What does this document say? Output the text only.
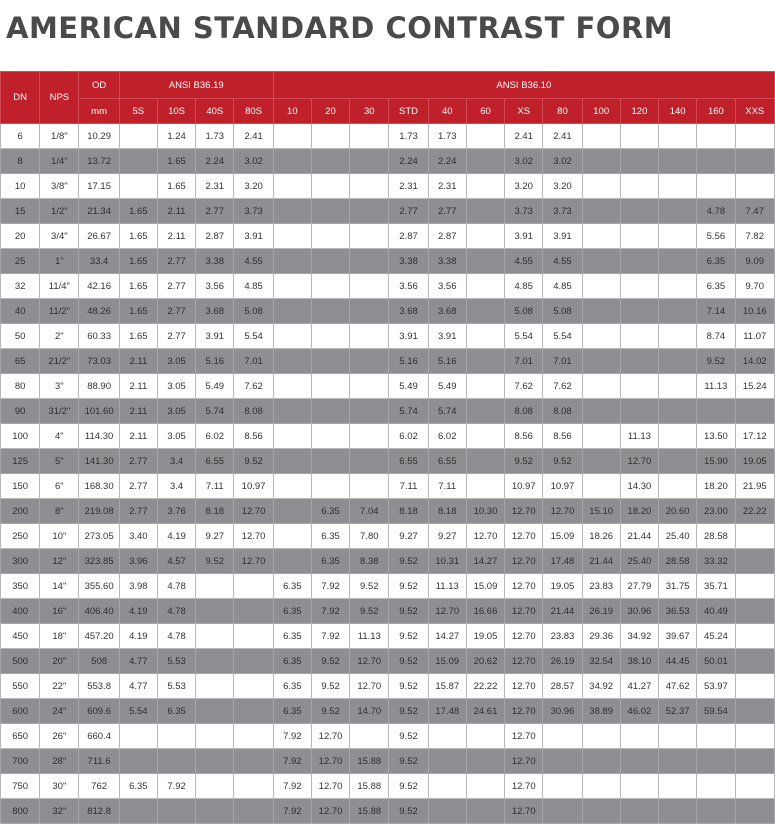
AMERICAN STANDARD CONTRAST FORM
DN	NPS	OD	ANSI B36.19				ANSI B36.10												
		mm	5S	10S	40S	80S	10	20	30	STD	40	60	XS	80	100	120	140	160	XXS
6	1/8"	10.29		1.24	1.73	2.41				1.73	1.73		2.41	2.41					
8	1/4"	13.72		1.65	2.24	3.02				2.24	2.24		3.02	3.02					
10	3/8"	17.15		1.65	2.31	3.20				2.31	2.31		3.20	3.20					
15	1/2"	21.34	1.65	2.11	2.77	3.73				2.77	2.77		3.73	3.73				4.78	7.47
20	3/4"	26.67	1.65	2.11	2.87	3.91				2.87	2.87		3.91	3.91				5.56	7.82
25	1"	33.4	1.65	2.77	3.38	4.55				3.38	3.38		4.55	4.55				6.35	9.09
32	11/4"	42.16	1.65	2.77	3.56	4.85				3.56	3.56		4.85	4.85				6.35	9.70
40	11/2"	48.26	1.65	2.77	3.68	5.08				3.68	3.68		5.08	5.08				7.14	10.16
50	2"	60.33	1.65	2.77	3.91	5.54				3.91	3.91		5.54	5.54				8.74	11.07
65	21/2"	73.03	2.11	3.05	5.16	7.01				5.16	5.16		7.01	7.01				9.52	14.02
80	3"	88.90	2.11	3.05	5.49	7.62				5.49	5.49		7.62	7.62				11.13	15.24
90	31/2"	101.60	2.11	3.05	5.74	8.08				5.74	5.74		8.08	8.08					
100	4"	114.30	2.11	3.05	6.02	8.56				6.02	6.02		8.56	8.56		11.13		13.50	17.12
125	5"	141.30	2.77	3.4	6.55	9.52				6.55	6.55		9.52	9.52		12.70		15.90	19.05
150	6"	168.30	2.77	3.4	7.11	10.97				7.11	7.11		10.97	10.97		14.30		18.20	21.95
200	8"	219.08	2.77	3.76	8.18	12.70		6.35	7.04	8.18	8.18	10.30	12.70	12.70	15.10	18.20	20.60	23.00	22.22
250	10"	273.05	3.40	4.19	9.27	12.70		6.35	7.80	9.27	9.27	12.70	12.70	15.09	18.26	21.44	25.40	28.58	
300	12"	323.85	3.96	4.57	9.52	12.70		6.35	8.38	9.52	10.31	14.27	12.70	17.48	21.44	25.40	28.58	33.32	
350	14"	355.60	3.98	4.78			6.35	7.92	9.52	9.52	11.13	15.09	12.70	19.05	23.83	27.79	31.75	35.71	
400	16"	406.40	4.19	4.78			6.35	7.92	9.52	9.52	12.70	16.66	12.70	21.44	26.19	30.96	36.53	40.49	
450	18"	457.20	4.19	4.78			6.35	7.92	11.13	9.52	14.27	19.05	12.70	23.83	29.36	34.92	39.67	45.24	
500	20"	508	4.77	5.53			6.35	9.52	12.70	9.52	15.09	20.62	12.70	26.19	32.54	38.10	44.45	50.01	
550	22"	553.8	4.77	5.53			6.35	9.52	12.70	9.52	15.87	22.22	12.70	28.57	34.92	41.27	47.62	53.97	
600	24"	609.6	5.54	6.35			6.35	9.52	14.70	9.52	17.48	24.61	12.70	30.96	38.89	46.02	52.37	59.54	
650	26"	660.4					7.92	12.70		9.52			12.70						
700	28"	711.6					7.92	12.70	15.88	9.52			12.70						
750	30"	762	6.35	7.92			7.92	12.70	15.88	9.52			12.70						
800	32"	812.8					7.92	12.70	15.88	9.52			12.70						
